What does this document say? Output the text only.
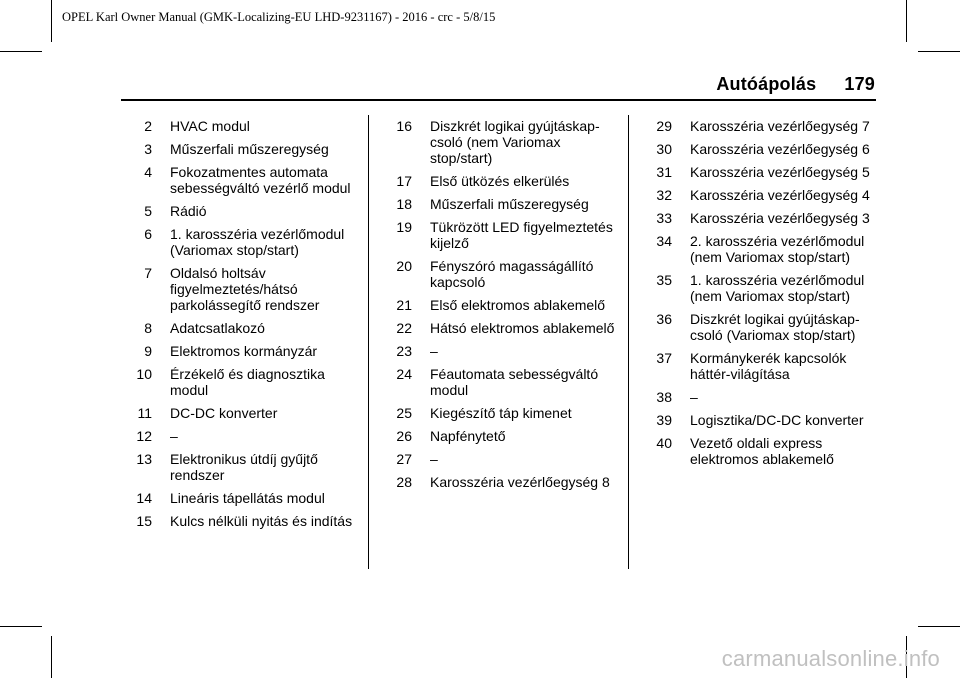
OPEL Karl Owner Manual (GMK-Localizing-EU LHD-9231167) - 2016 - crc - 5/8/15
Autóápolás 179
2 HVAC modul
3 Műszerfali műszeregység
4 Fokozatmentes automata sebességváltó vezérlő modul
5 Rádió
6 1. karosszéria vezérlőmodul (Variomax stop/start)
7 Oldalsó holtsáv figyelmeztetés/hátsó parkolássegítő rendszer
8 Adatcsatlakozó
9 Elektromos kormányzár
10 Érzékelő és diagnosztika modul
11 DC-DC konverter
12 –
13 Elektronikus útdíj gyűjtő rendszer
14 Lineáris tápellátás modul
15 Kulcs nélküli nyitás és indítás
16 Diszkrét logikai gyújtáskap-csoló (nem Variomax stop/start)
17 Első ütközés elkerülés
18 Műszerfali műszeregység
19 Tükrözött LED figyelmeztetés kijelző
20 Fényszóró magasságállító kapcsoló
21 Első elektromos ablakemelő
22 Hátsó elektromos ablakemelő
23 –
24 Féautomata sebességváltó modul
25 Kiegészítő táp kimenet
26 Napfénytető
27 –
28 Karosszéria vezérlőegység 8
29 Karosszéria vezérlőegység 7
30 Karosszéria vezérlőegység 6
31 Karosszéria vezérlőegység 5
32 Karosszéria vezérlőegység 4
33 Karosszéria vezérlőegység 3
34 2. karosszéria vezérlőmodul (nem Variomax stop/start)
35 1. karosszéria vezérlőmodul (nem Variomax stop/start)
36 Diszkrét logikai gyújtáskap-csoló (Variomax stop/start)
37 Kormánykerék kapcsolók háttér-világítása
38 –
39 Logisztika/DC-DC konverter
40 Vezető oldali express elektromos ablakemelő
carmanualsonline.info
